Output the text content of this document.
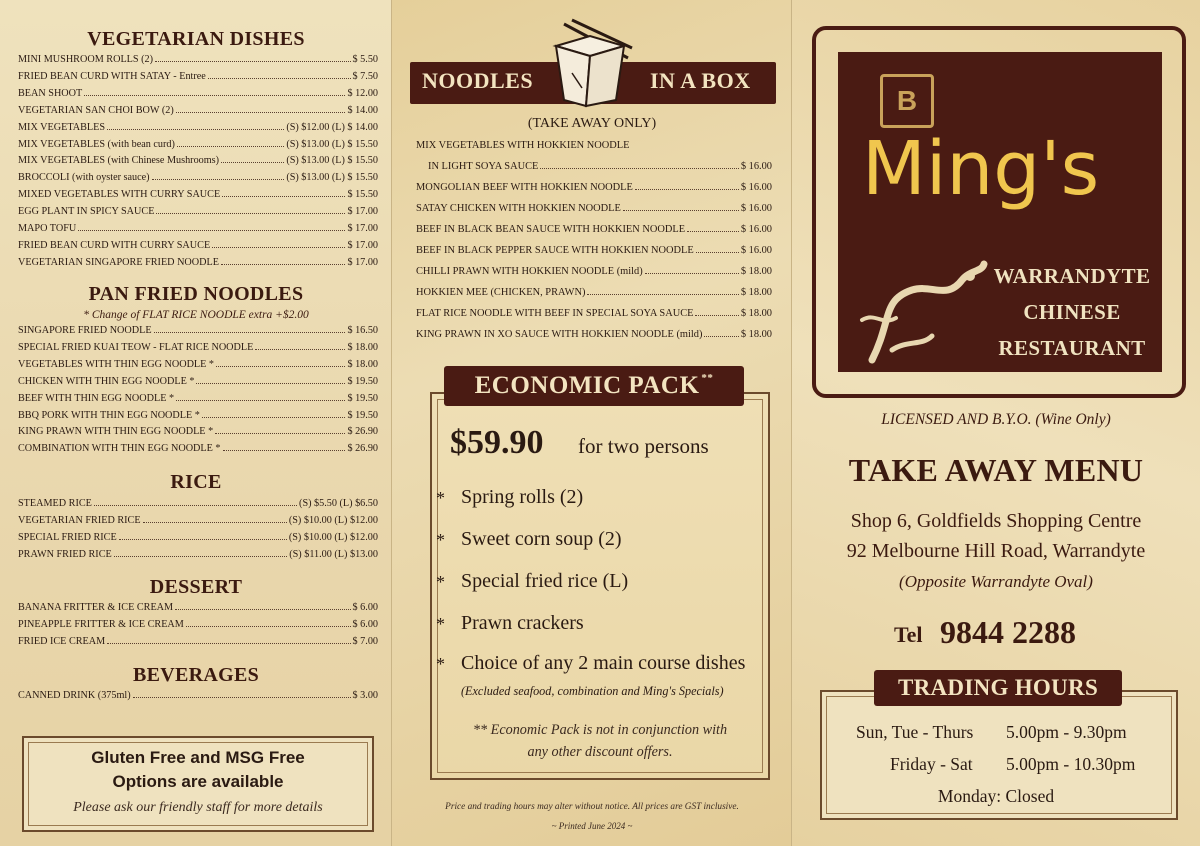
VEGETARIAN DISHES
MINI MUSHROOM ROLLS (2)	$ 5.50
FRIED BEAN CURD WITH SATAY - Entree	$ 7.50
BEAN SHOOT	$ 12.00
VEGETARIAN SAN CHOI BOW (2)	$ 14.00
MIX VEGETABLES	(S) $12.00 (L) $ 14.00
MIX VEGETABLES (with bean curd)	(S) $13.00 (L) $ 15.50
MIX VEGETABLES (with Chinese Mushrooms)	(S) $13.00 (L) $ 15.50
BROCCOLI (with oyster sauce)	(S) $13.00 (L) $ 15.50
MIXED VEGETABLES WITH CURRY SAUCE	$ 15.50
EGG PLANT IN SPICY SAUCE	$ 17.00
MAPO TOFU	$ 17.00
FRIED BEAN CURD WITH CURRY SAUCE	$ 17.00
VEGETARIAN SINGAPORE FRIED NOODLE	$ 17.00
PAN FRIED NOODLES
* Change of FLAT RICE NOODLE extra +$2.00
SINGAPORE FRIED NOODLE	$ 16.50
SPECIAL FRIED KUAI TEOW - FLAT RICE NOODLE	$ 18.00
VEGETABLES WITH THIN EGG NOODLE *	$ 18.00
CHICKEN WITH THIN EGG NOODLE *	$ 19.50
BEEF WITH THIN EGG NOODLE *	$ 19.50
BBQ PORK WITH THIN EGG NOODLE *	$ 19.50
KING PRAWN WITH THIN EGG NOODLE *	$ 26.90
COMBINATION WITH THIN EGG NOODLE *	$ 26.90
RICE
STEAMED RICE	(S) $5.50 (L) $6.50
VEGETARIAN FRIED RICE	(S) $10.00 (L) $12.00
SPECIAL FRIED RICE	(S) $10.00 (L) $12.00
PRAWN FRIED RICE	(S) $11.00 (L) $13.00
DESSERT
BANANA FRITTER & ICE CREAM	$ 6.00
PINEAPPLE FRITTER & ICE CREAM	$ 6.00
FRIED ICE CREAM	$ 7.00
BEVERAGES
CANNED DRINK (375ml)	$ 3.00
Gluten Free and MSG Free
Options are available
Please ask our friendly staff for more details
NOODLES	IN A BOX
(TAKE AWAY ONLY)
MIX VEGETABLES WITH HOKKIEN NOODLE
IN LIGHT SOYA SAUCE	$ 16.00
MONGOLIAN BEEF WITH HOKKIEN NOODLE	$ 16.00
SATAY CHICKEN WITH HOKKIEN NOODLE	$ 16.00
BEEF IN BLACK BEAN SAUCE WITH HOKKIEN NOODLE	$ 16.00
BEEF IN BLACK PEPPER SAUCE WITH HOKKIEN NOODLE	$ 16.00
CHILLI PRAWN WITH HOKKIEN NOODLE (mild)	$ 18.00
HOKKIEN MEE (CHICKEN, PRAWN)	$ 18.00
FLAT RICE NOODLE WITH BEEF IN SPECIAL SOYA SAUCE	$ 18.00
KING PRAWN IN XO SAUCE WITH HOKKIEN NOODLE (mild)	$ 18.00
ECONOMIC PACK**
$59.90 for two persons
* Spring rolls (2)
* Sweet corn soup (2)
* Special fried rice (L)
* Prawn crackers
* Choice of any 2 main course dishes
(Excluded seafood, combination and Ming's Specials)
** Economic Pack is not in conjunction with
any other discount offers.
Price and trading hours may alter without notice. All prices are GST inclusive.
~ Printed June 2024 ~
B
Ming's
WARRANDYTE
CHINESE
RESTAURANT
LICENSED AND B.Y.O. (Wine Only)
TAKE AWAY MENU
Shop 6, Goldfields Shopping Centre
92 Melbourne Hill Road, Warrandyte
(Opposite Warrandyte Oval)
Tel 9844 2288
TRADING HOURS
Sun, Tue - Thurs 5.00pm - 9.30pm
Friday - Sat 5.00pm - 10.30pm
Monday: Closed
